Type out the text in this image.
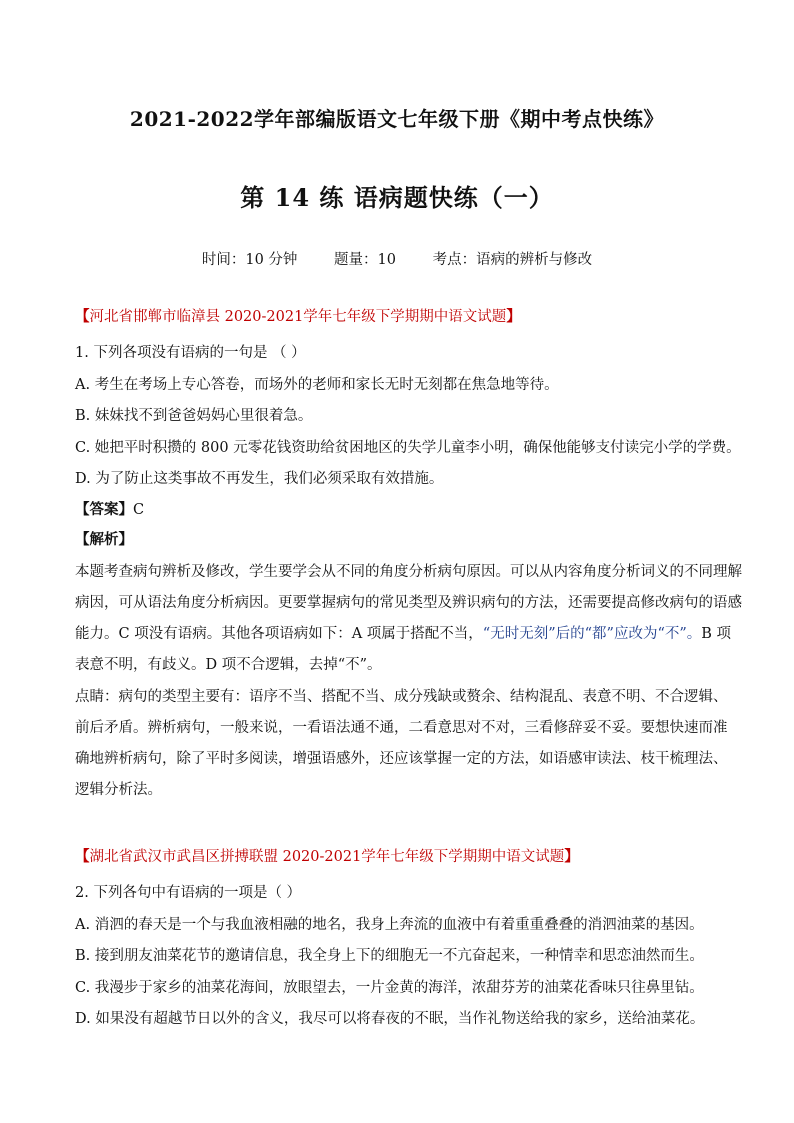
2021-2022学年部编版语文七年级下册《期中考点快练》
第 14 练 语病题快练（一）
时间：10 分钟	题量：10	考点：语病的辨析与修改
【河北省邯郸市临漳县 2020-2021学年七年级下学期期中语文试题】
1. 下列各项没有语病的一句是 （ ）
A. 考生在考场上专心答卷，而场外的老师和家长无时无刻都在焦急地等待。
B. 妹妹找不到爸爸妈妈心里很着急。
C. 她把平时积攒的 800 元零花钱资助给贫困地区的失学儿童李小明，确保他能够支付读完小学的学费。
D. 为了防止这类事故不再发生，我们必须采取有效措施。
【答案】C
【解析】
本题考查病句辨析及修改，学生要学会从不同的角度分析病句原因。可以从内容角度分析词义的不同理解
病因，可从语法角度分析病因。更要掌握病句的常见类型及辨识病句的方法，还需要提高修改病句的语感
能力。C 项没有语病。其他各项语病如下：A 项属于搭配不当，“无时无刻”后的“都”应改为“不”。B 项
表意不明，有歧义。D 项不合逻辑，去掉“不”。
点睛：病句的类型主要有：语序不当、搭配不当、成分残缺或赘余、结构混乱、表意不明、不合逻辑、
前后矛盾。辨析病句，一般来说，一看语法通不通，二看意思对不对，三看修辞妥不妥。要想快速而准
确地辨析病句，除了平时多阅读，增强语感外，还应该掌握一定的方法，如语感审读法、枝干梳理法、
逻辑分析法。
【湖北省武汉市武昌区拼搏联盟 2020-2021学年七年级下学期期中语文试题】
2. 下列各句中有语病的一项是（ ）
A. 消泗的春天是一个与我血液相融的地名，我身上奔流的血液中有着重重叠叠的消泗油菜的基因。
B. 接到朋友油菜花节的邀请信息，我全身上下的细胞无一不亢奋起来，一种情幸和思恋油然而生。
C. 我漫步于家乡的油菜花海间，放眼望去，一片金黄的海洋，浓甜芬芳的油菜花香味只往鼻里钻。
D. 如果没有超越节日以外的含义，我尽可以将春夜的不眠，当作礼物送给我的家乡，送给油菜花。
